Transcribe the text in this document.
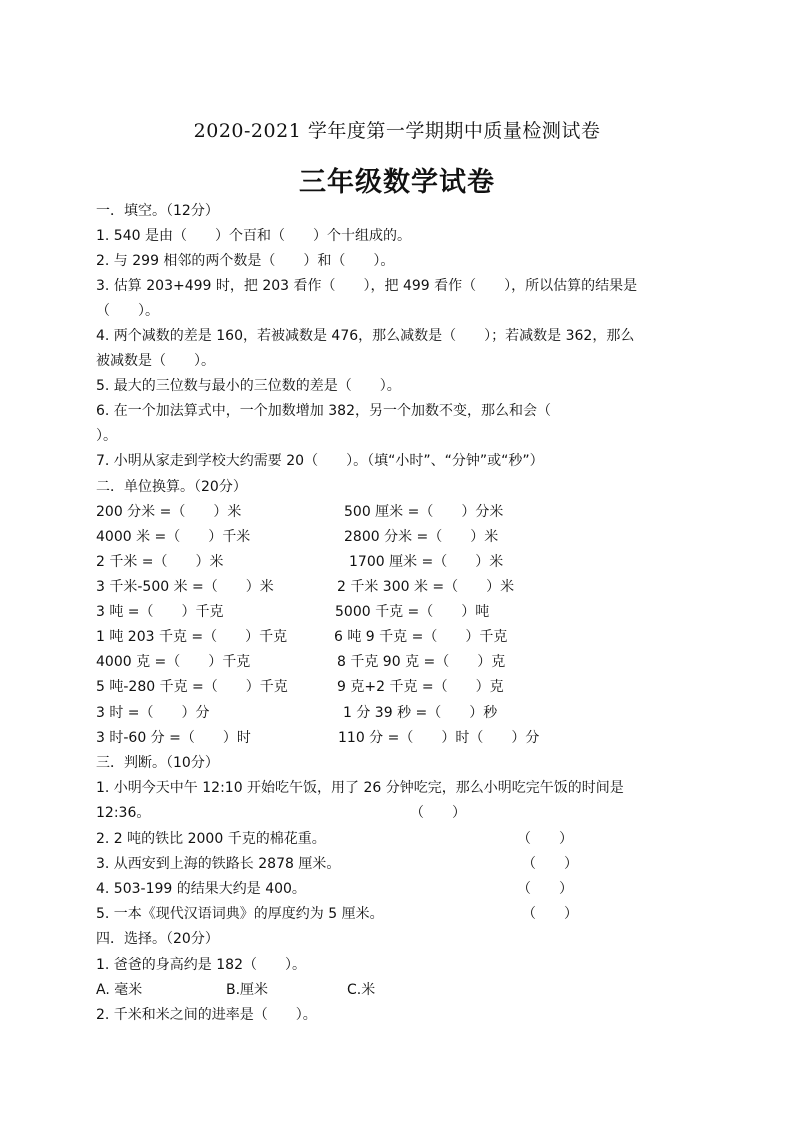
2020-2021 学年度第一学期期中质量检测试卷
三年级数学试卷
一．填空。（12分）
1. 540 是由（　　）个百和（　　）个十组成的。
2. 与 299 相邻的两个数是（　　）和（　　）。
3. 估算 203+499 时，把 203 看作（　　），把 499 看作（　　），所以估算的结果是
（　　）。
4. 两个减数的差是 160，若被减数是 476，那么减数是（　　）；若减数是 362，那么
被减数是（　　）。
5. 最大的三位数与最小的三位数的差是（　　）。
6. 在一个加法算式中，一个加数增加 382，另一个加数不变，那么和会（
）。
7. 小明从家走到学校大约需要 20（　　）。（填“小时”、“分钟”或“秒”）
二．单位换算。（20分）
200 分米 =（　　）米	500 厘米 =（　　）分米
4000 米 =（　　）千米	2800 分米 =（　　）米
2 千米 =（　　）米	1700 厘米 =（　　）米
3 千米-500 米 =（　　）米	2 千米 300 米 =（　　）米
3 吨 =（　　）千克	5000 千克 =（　　）吨
1 吨 203 千克 =（　　）千克	6 吨 9 千克 =（　　）千克
4000 克 =（　　）千克	8 千克 90 克 =（　　）克
5 吨-280 千克 =（　　）千克	9 克+2 千克 =（　　）克
3 时 =（　　）分	1 分 39 秒 =（　　）秒
3 时-60 分 =（　　）时	110 分 =（　　）时（　　）分
三．判断。（10分）
1. 小明今天中午 12:10 开始吃午饭，用了 26 分钟吃完，那么小明吃完午饭的时间是
12:36。	（　　）
2. 2 吨的铁比 2000 千克的棉花重。	（　　）
3. 从西安到上海的铁路长 2878 厘米。	（　　）
4. 503-199 的结果大约是 400。	（　　）
5. 一本《现代汉语词典》的厚度约为 5 厘米。	（　　）
四．选择。（20分）
1. 爸爸的身高约是 182（　　）。
A. 毫米	B.厘米	C.米
2. 千米和米之间的进率是（　　）。
